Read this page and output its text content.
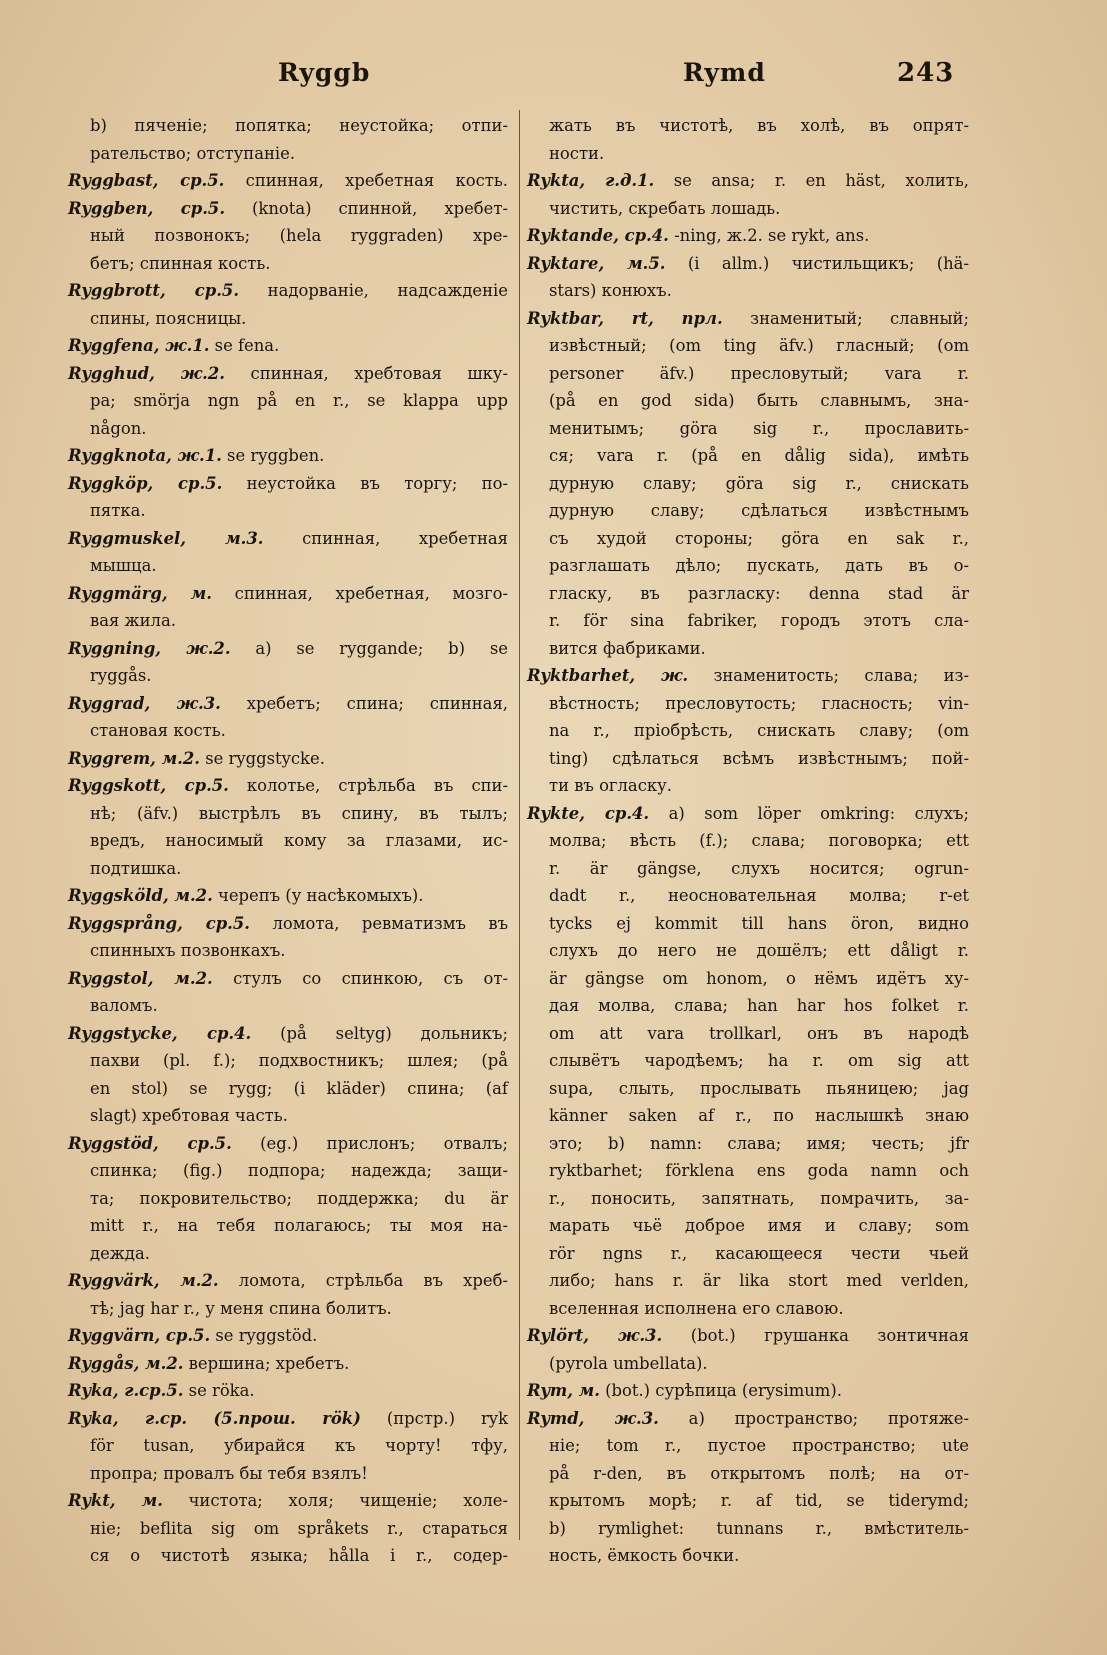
Ryggb	Rymd	243
b) пяченіе; попятка; неустойка; отпи-
рательство; отступаніе.
Ryggbast, ср.5. спинная, хребетная кость.
Ryggben, ср.5. (knota) спинной, хребет-
ный позвонокъ; (hela ryggraden) хре-
бетъ; спинная кость.
Ryggbrott, ср.5. надорваніе, надсажденіе
спины, поясницы.
Ryggfena, ж.1. se fena.
Rygghud, ж.2. спинная, хребтовая шку-
ра; smörja ngn på en r., se klappa upp
någon.
Ryggknota, ж.1. se ryggben.
Ryggköp, ср.5. неустойка въ торгу; по-
пятка.
Ryggmuskel, м.3. спинная, хребетная
мышца.
Ryggmärg, м. спинная, хребетная, мозго-
вая жила.
Ryggning, ж.2. a) se ryggande; b) se
ryggås.
Ryggrad, ж.3. хребетъ; спина; спинная,
становая кость.
Ryggrem, м.2. se ryggstycke.
Ryggskott, ср.5. колотье, стрѣльба въ спи-
нѣ; (äfv.) выстрѣлъ въ спину, въ тылъ;
вредъ, наносимый кому за глазами, ис-
подтишка.
Ryggsköld, м.2. черепъ (у насѣкомыхъ).
Ryggsprång, ср.5. ломота, ревматизмъ въ
спинныхъ позвонкахъ.
Ryggstol, м.2. стулъ со спинкою, съ от-
валомъ.
Ryggstycke, ср.4. (på seltyg) дольникъ;
пахви (pl. f.); подхвостникъ; шлея; (på
en stol) se rygg; (i kläder) спина; (af
slagt) хребтовая часть.
Ryggstöd, ср.5. (eg.) прислонъ; отвалъ;
спинка; (fig.) подпора; надежда; защи-
та; покровительство; поддержка; du är
mitt r., на тебя полагаюсь; ты моя на-
дежда.
Ryggvärk, м.2. ломота, стрѣльба въ хреб-
тѣ; jag har r., у меня спина болитъ.
Ryggvärn, ср.5. se ryggstöd.
Ryggås, м.2. вершина; хребетъ.
Ryka, г.ср.5. se röka.
Ryka, г.ср. (5.прош. rök) (прстр.) ryk
för tusan, убирайся къ чорту! тфу,
пропра; провалъ бы тебя взялъ!
Rykt, м. чистота; холя; чищеніе; холе-
ніе; beflita sig om språkets r., стараться
ся о чистотѣ языка; hålla i r., содер-
жать въ чистотѣ, въ холѣ, въ опрят-
ности.
Rykta, г.д.1. se ansa; r. en häst, холить,
чистить, скребать лошадь.
Ryktande, ср.4. -ning, ж.2. se rykt, ans.
Ryktare, м.5. (i allm.) чистильщикъ; (hä-
stars) конюхъ.
Ryktbar, rt, прл. знаменитый; славный;
извѣстный; (om ting äfv.) гласный; (om
personer äfv.) пресловутый; vara r.
(på en god sida) быть славнымъ, зна-
менитымъ; göra sig r., прославить-
ся; vara r. (på en dålig sida), имѣть
дурную славу; göra sig r., снискать
дурную славу; сдѣлаться извѣстнымъ
съ худой стороны; göra en sak r.,
разглашать дѣло; пускать, дать въ о-
гласку, въ разгласку: denna stad är
r. för sina fabriker, городъ этотъ сла-
вится фабриками.
Ryktbarhet, ж. знаменитость; слава; из-
вѣстность; пресловутость; гласность; vin-
na r., пріобрѣсть, снискать славу; (om
ting) сдѣлаться всѣмъ извѣстнымъ; пой-
ти въ огласку.
Rykte, ср.4. a) som löper omkring: слухъ;
молва; вѣсть (f.); слава; поговорка; ett
r. är gängse, слухъ носится; ogrun-
dadt r., неосновательная молва; r-et
tycks ej kommit till hans öron, видно
слухъ до него не дошёлъ; ett dåligt r.
är gängse om honom, о нёмъ идётъ ху-
дая молва, слава; han har hos folket r.
om att vara trollkarl, онъ въ народѣ
слывётъ чародѣемъ; ha r. om sig att
supa, слыть, прослывать пьяницею; jag
känner saken af r., по наслышкѣ знаю
это; b) namn: слава; имя; честь; jfr
ryktbarhet; förklena ens goda namn och
r., поносить, запятнать, помрачить, за-
марать чьё доброе имя и славу; som
rör ngns r., касающееся чести чьей
либо; hans r. är lika stort med verlden,
вселенная исполнена его славою.
Rylört, ж.3. (bot.) грушанка зонтичная
(pyrola umbellata).
Rym, м. (bot.) сурѣпица (erysimum).
Rymd, ж.3. a) пространство; протяже-
ніе; tom r., пустое пространство; ute
på r-den, въ открытомъ полѣ; на от-
крытомъ морѣ; r. af tid, se tiderymd;
b) rymlighet: tunnans r., вмѣститель-
ность, ёмкость бочки.
